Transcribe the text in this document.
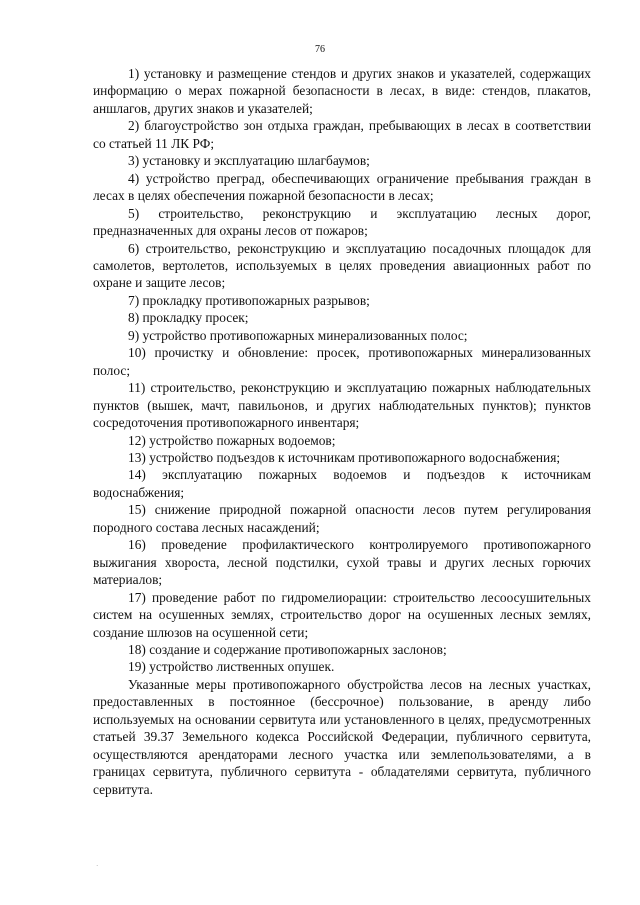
76

1) установку и размещение стендов и других знаков и указателей, содержащих информацию о мерах пожарной безопасности в лесах, в виде: стендов, плакатов, аншлагов, других знаков и указателей;

2) благоустройство зон отдыха граждан, пребывающих в лесах в соответствии со статьей 11 ЛК РФ;

3) установку и эксплуатацию шлагбаумов;

4) устройство преград, обеспечивающих ограничение пребывания граждан в лесах в целях обеспечения пожарной безопасности в лесах;

5) строительство, реконструкцию и эксплуатацию лесных дорог, предназначенных для охраны лесов от пожаров;

6) строительство, реконструкцию и эксплуатацию посадочных площадок для самолетов, вертолетов, используемых в целях проведения авиационных работ по охране и защите лесов;

7) прокладку противопожарных разрывов;

8) прокладку просек;

9) устройство противопожарных минерализованных полос;

10) прочистку и обновление: просек, противопожарных минерализованных полос;

11) строительство, реконструкцию и эксплуатацию пожарных наблюдательных пунктов (вышек, мачт, павильонов, и других наблюдательных пунктов); пунктов сосредоточения противопожарного инвентаря;

12) устройство пожарных водоемов;

13) устройство подъездов к источникам противопожарного водоснабжения;

14) эксплуатацию пожарных водоемов и подъездов к источникам водоснабжения;

15) снижение природной пожарной опасности лесов путем регулирования породного состава лесных насаждений;

16) проведение профилактического контролируемого противопожарного выжигания хвороста, лесной подстилки, сухой травы и других лесных горючих материалов;

17) проведение работ по гидромелиорации: строительство лесоосушительных систем на осушенных землях, строительство дорог на осушенных лесных землях, создание шлюзов на осушенной сети;

18) создание и содержание противопожарных заслонов;

19) устройство лиственных опушек.

Указанные меры противопожарного обустройства лесов на лесных участках, предоставленных в постоянное (бессрочное) пользование, в аренду либо используемых на основании сервитута или установленного в целях, предусмотренных статьей 39.37 Земельного кодекса Российской Федерации, публичного сервитута, осуществляются арендаторами лесного участка или землепользователями, а в границах сервитута, публичного сервитута - обладателями сервитута, публичного сервитута.

·
